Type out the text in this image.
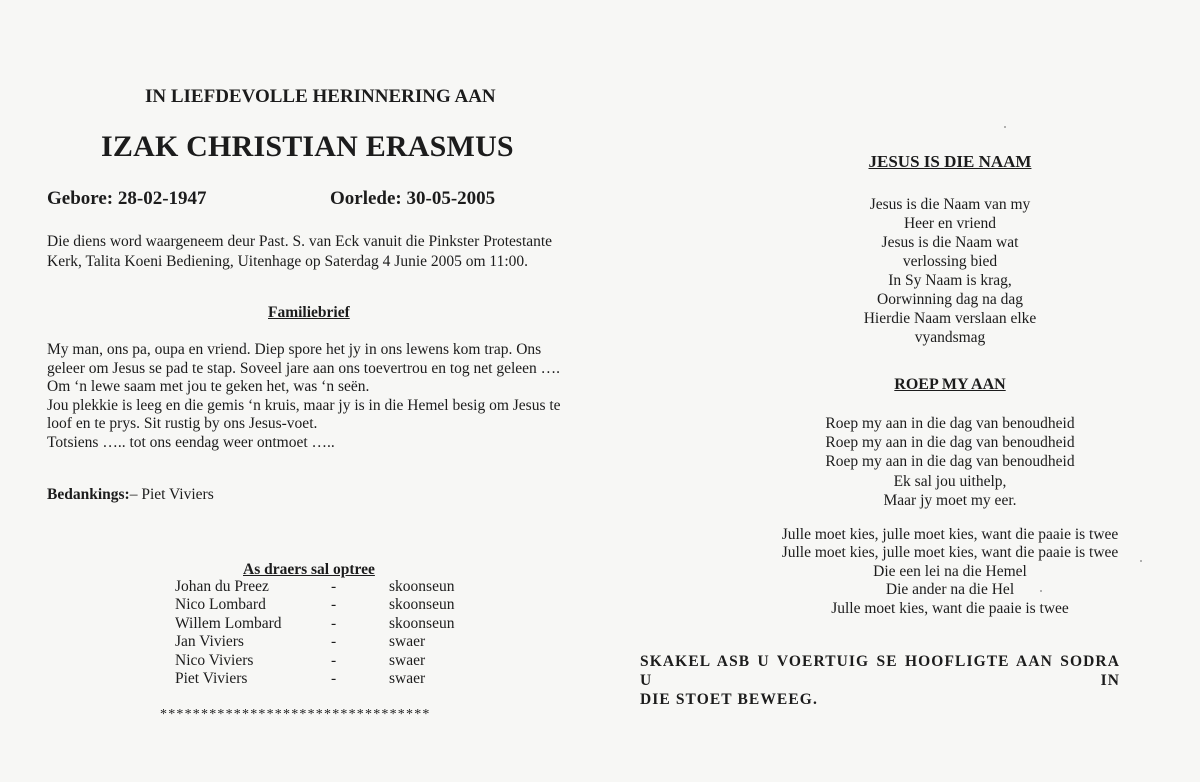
IN LIEFDEVOLLE HERINNERING AAN
IZAK CHRISTIAN ERASMUS
Gebore: 28-02-1947	Oorlede: 30-05-2005
Die diens word waargeneem deur Past. S. van Eck vanuit die Pinkster Protestante
Kerk, Talita Koeni Bediening, Uitenhage op Saterdag 4 Junie 2005 om 11:00.
Familiebrief
My man, ons pa, oupa en vriend. Diep spore het jy in ons lewens kom trap. Ons
geleer om Jesus se pad te stap. Soveel jare aan ons toevertrou en tog net geleen ….
Om ‘n lewe saam met jou te geken het, was ‘n seën.
Jou plekkie is leeg en die gemis ‘n kruis, maar jy is in die Hemel besig om Jesus te
loof en te prys. Sit rustig by ons Jesus-voet.
Totsiens ….. tot ons eendag weer ontmoet …..
Bedankings:– Piet Viviers
As draers sal optree
Johan du Preez	-	skoonseun
Nico Lombard	-	skoonseun
Willem Lombard	-	skoonseun
Jan Viviers	-	swaer
Nico Viviers	-	swaer
Piet Viviers	-	swaer
*********************************
JESUS IS DIE NAAM
Jesus is die Naam van my
Heer en vriend
Jesus is die Naam wat
verlossing bied
In Sy Naam is krag,
Oorwinning dag na dag
Hierdie Naam verslaan elke
vyandsmag
ROEP MY AAN
Roep my aan in die dag van benoudheid
Roep my aan in die dag van benoudheid
Roep my aan in die dag van benoudheid
Ek sal jou uithelp,
Maar jy moet my eer.
Julle moet kies, julle moet kies, want die paaie is twee
Julle moet kies, julle moet kies, want die paaie is twee
Die een lei na die Hemel
Die ander na die Hel
Julle moet kies, want die paaie is twee
SKAKEL ASB U VOERTUIG SE HOOFLIGTE AAN SODRA U IN
DIE STOET BEWEEG.
